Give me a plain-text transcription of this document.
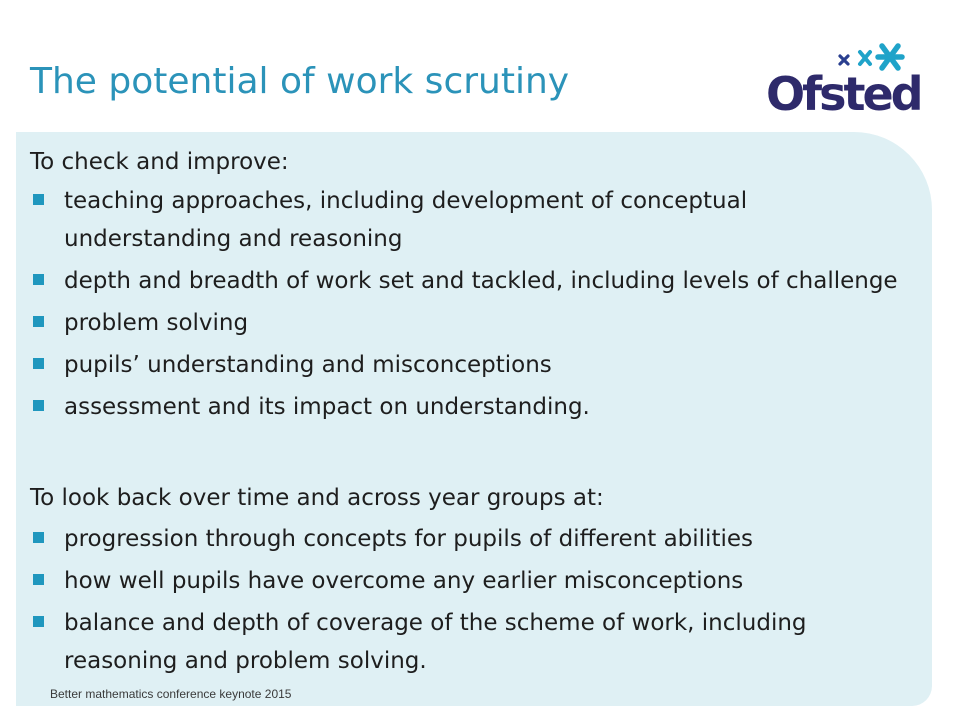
The potential of work scrutiny	Ofsted

To check and improve:

teaching approaches, including development of conceptual understanding and reasoning
depth and breadth of work set and tackled, including levels of challenge
problem solving
pupils’ understanding and misconceptions
assessment and its impact on understanding.

To look back over time and across year groups at:

progression through concepts for pupils of different abilities
how well pupils have overcome any earlier misconceptions
balance and depth of coverage of the scheme of work, including reasoning and problem solving.
Better mathematics conference keynote 2015
